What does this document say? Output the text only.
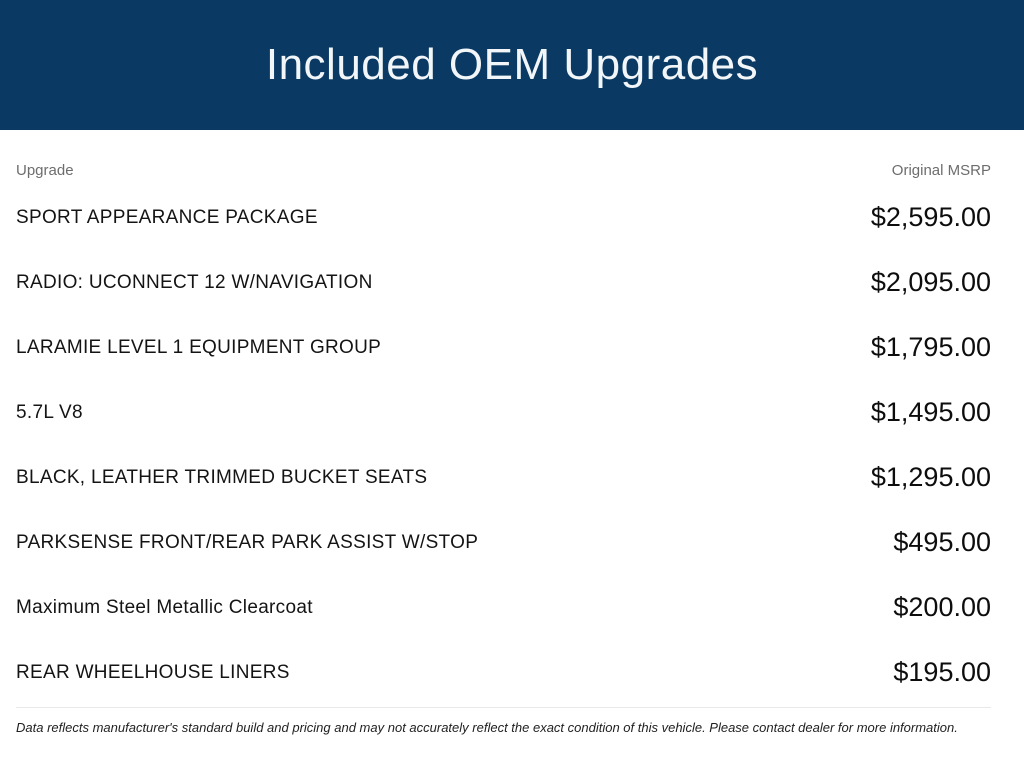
Included OEM Upgrades
Upgrade	Original MSRP
SPORT APPEARANCE PACKAGE	$2,595.00
RADIO: UCONNECT 12 W/NAVIGATION	$2,095.00
LARAMIE LEVEL 1 EQUIPMENT GROUP	$1,795.00
5.7L V8	$1,495.00
BLACK, LEATHER TRIMMED BUCKET SEATS	$1,295.00
PARKSENSE FRONT/REAR PARK ASSIST W/STOP	$495.00
Maximum Steel Metallic Clearcoat	$200.00
REAR WHEELHOUSE LINERS	$195.00

Data reflects manufacturer's standard build and pricing and may not accurately reflect the exact condition of this vehicle. Please contact dealer for more information.
